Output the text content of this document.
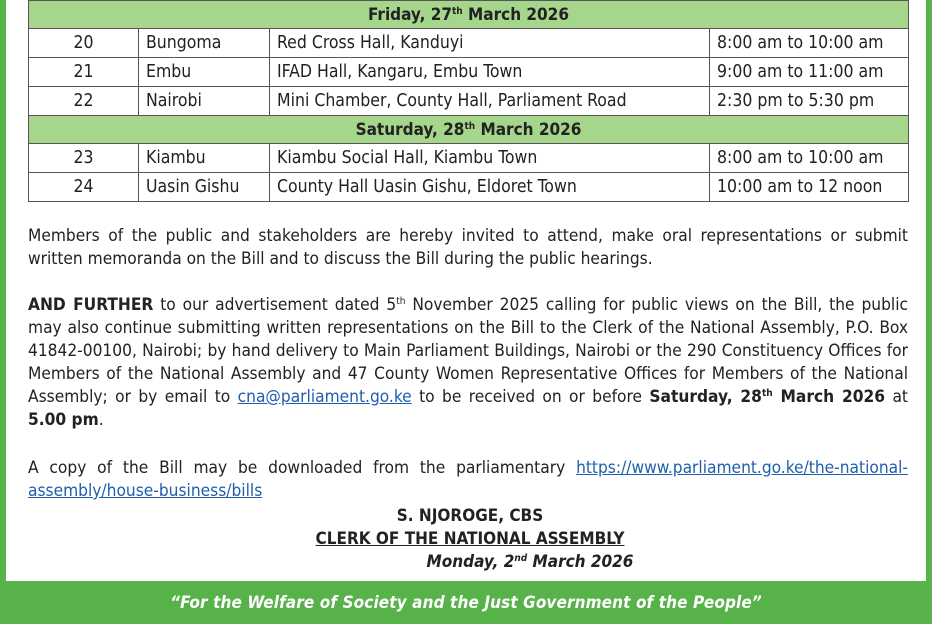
Friday, 27th March 2026			
20	Bungoma	Red Cross Hall, Kanduyi	8:00 am to 10:00 am
21	Embu	IFAD Hall, Kangaru, Embu Town	9:00 am to 11:00 am
22	Nairobi	Mini Chamber, County Hall, Parliament Road	2:30 pm to 5:30 pm
Saturday, 28th March 2026			
23	Kiambu	Kiambu Social Hall, Kiambu Town	8:00 am to 10:00 am
24	Uasin Gishu	County Hall Uasin Gishu, Eldoret Town	10:00 am to 12 noon

Members of the public and stakeholders are hereby invited to attend, make oral representations or submit written memoranda on the Bill and to discuss the Bill during the public hearings.

AND FURTHER to our advertisement dated 5th November 2025 calling for public views on the Bill, the public may also continue submitting written representations on the Bill to the Clerk of the National Assembly, P.O. Box 41842-00100, Nairobi; by hand delivery to Main Parliament Buildings, Nairobi or the 290 Constituency Offices for Members of the National Assembly and 47 County Women Representative Offices for Members of the National Assembly; or by email to cna@parliament.go.ke to be received on or before Saturday, 28th March 2026 at 5.00 pm.

A copy of the Bill may be downloaded from the parliamentary https://www.parliament.go.ke/the-national-assembly/house-business/bills

S. NJOROGE, CBS
CLERK OF THE NATIONAL ASSEMBLY
Monday, 2nd March 2026
“For the Welfare of Society and the Just Government of the People”
